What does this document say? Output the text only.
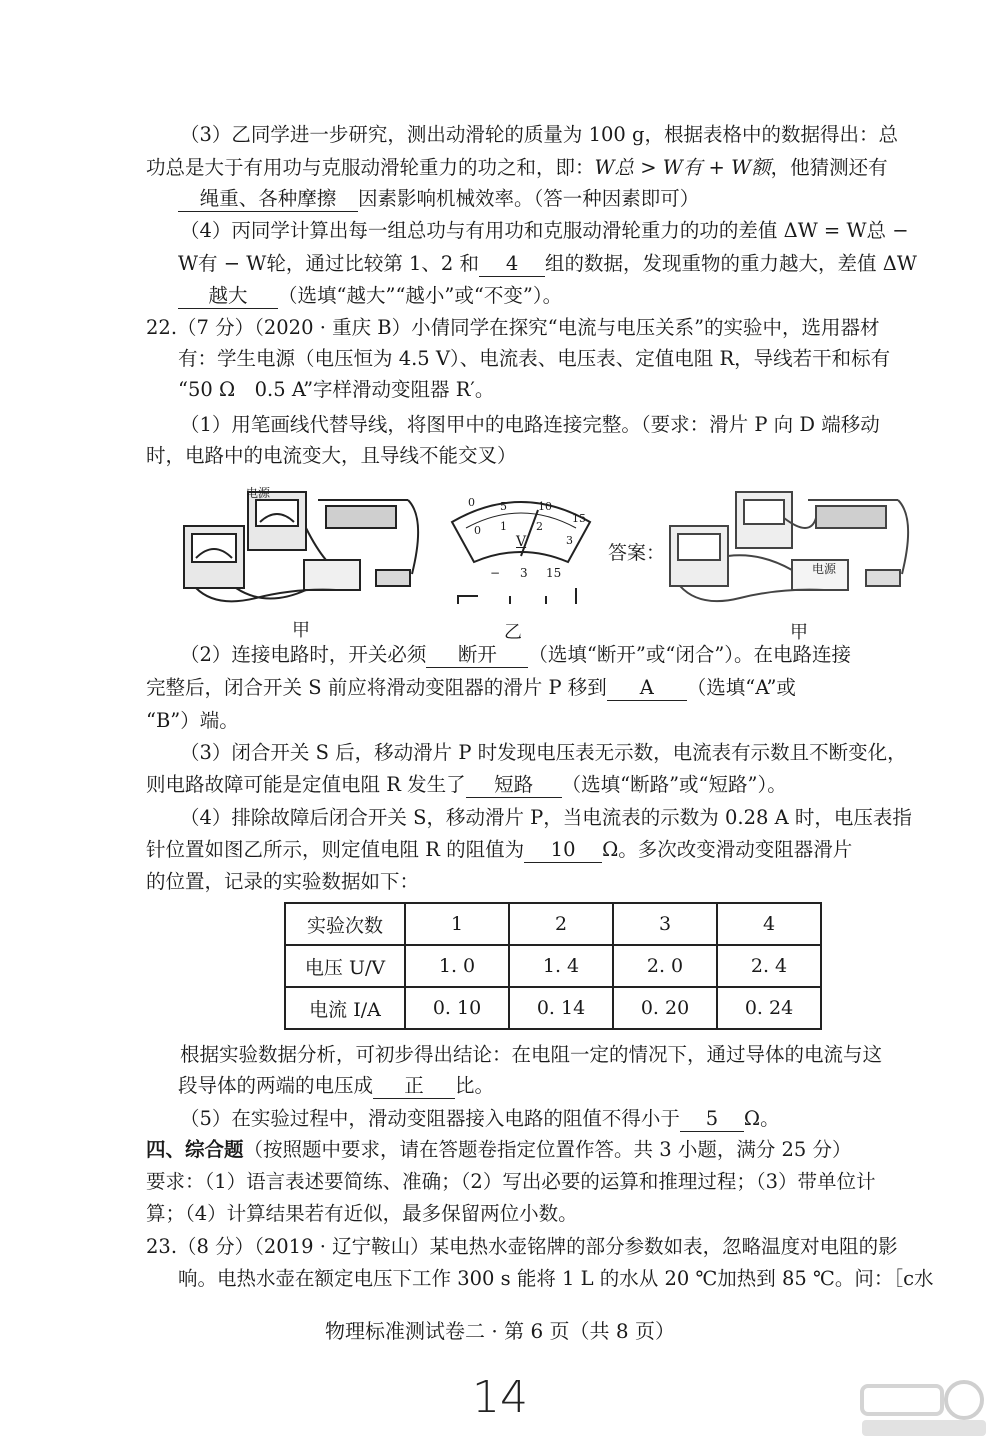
（3）乙同学进一步研究，测出动滑轮的质量为 100 g，根据表格中的数据得出：总
功总是大于有用功与克服动滑轮重力的功之和，即：W总 > W有 + W额，他猜测还有
绳重、各种摩擦 因素影响机械效率。（答一种因素即可）
（4）丙同学计算出每一组总功与有用功和克服动滑轮重力的功的差值 ΔW = W总 −
W有 − W轮，通过比较第 1、2 和 4 组的数据，发现重物的重力越大，差值 ΔW
越大 （选填“越大”“越小”或“不变”）。
22.（7 分）（2020 · 重庆 B）小倩同学在探究“电流与电压关系”的实验中，选用器材
有：学生电源（电压恒为 4.5 V）、电流表、电压表、定值电阻 R，导线若干和标有
“50 Ω　0.5 A”字样滑动变阻器 R′。
（1）用笔画线代替导线，将图甲中的电路连接完整。（要求：滑片 P 向 D 端移动
时，电路中的电流变大，且导线不能交叉）
电源
甲
0 5	10
15
0 1	2
3
V
− 3 15
乙
答案：
电源
甲
（2）连接电路时，开关必须 断开 （选填“断开”或“闭合”）。在电路连接
完整后，闭合开关 S 前应将滑动变阻器的滑片 P 移到 A （选填“A”或
“B”）端。
（3）闭合开关 S 后，移动滑片 P 时发现电压表无示数，电流表有示数且不断变化，
则电路故障可能是定值电阻 R 发生了 短路 （选填“断路”或“短路”）。
（4）排除故障后闭合开关 S，移动滑片 P，当电流表的示数为 0.28 A 时，电压表指
针位置如图乙所示，则定值电阻 R 的阻值为 10 Ω。多次改变滑动变阻器滑片
的位置，记录的实验数据如下：
实验次数	1	2	3	4
电压 U/V	1. 0	1. 4	2. 0	2. 4
电流 I/A	0. 10	0. 14	0. 20	0. 24
根据实验数据分析，可初步得出结论：在电阻一定的情况下，通过导体的电流与这
段导体的两端的电压成 正 比。
（5）在实验过程中，滑动变阻器接入电路的阻值不得小于 5 Ω。
四、综合题（按照题中要求，请在答题卷指定位置作答。共 3 小题，满分 25 分）
要求：（1）语言表述要简练、准确；（2）写出必要的运算和推理过程；（3）带单位计
算；（4）计算结果若有近似，最多保留两位小数。
23.（8 分）（2019 · 辽宁鞍山）某电热水壶铭牌的部分参数如表，忽略温度对电阻的影
响。电热水壶在额定电压下工作 300 s 能将 1 L 的水从 20 ℃加热到 85 ℃。问：［c水
物理标准测试卷二 · 第 6 页（共 8 页）
14
